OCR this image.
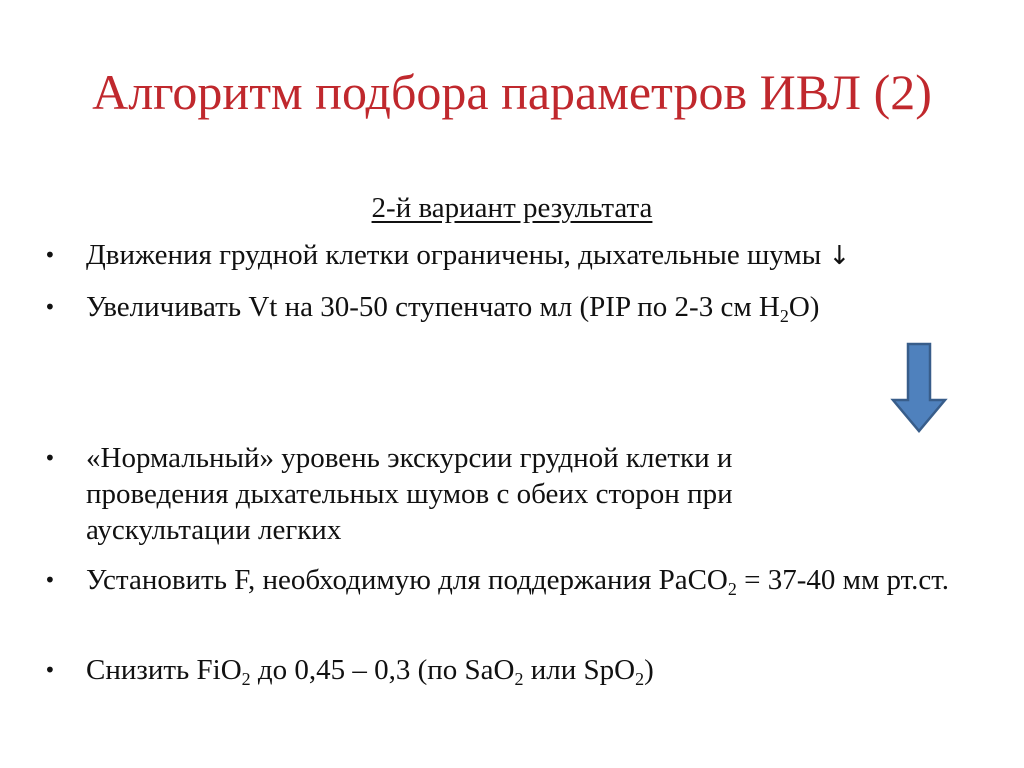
Алгоритм подбора параметров ИВЛ (2)
2-й вариант результата
•	Движения грудной клетки ограничены, дыхательные шумы ↓
•	Увеличивать Vt на 30-50 ступенчато мл (PIP по 2-3 см $H_2O$)
•	«Нормальный» уровень экскурсии грудной клетки и проведения дыхательных шумов с обеих сторон при аускультации легких
•	Установить F, необходимую для поддержания PaCO$_2$ = 37-40 мм рт.ст.
•	Снизить FiO$_2$ до 0,45 – 0,3 (по SaO$_2$ или SpO$_2$)
